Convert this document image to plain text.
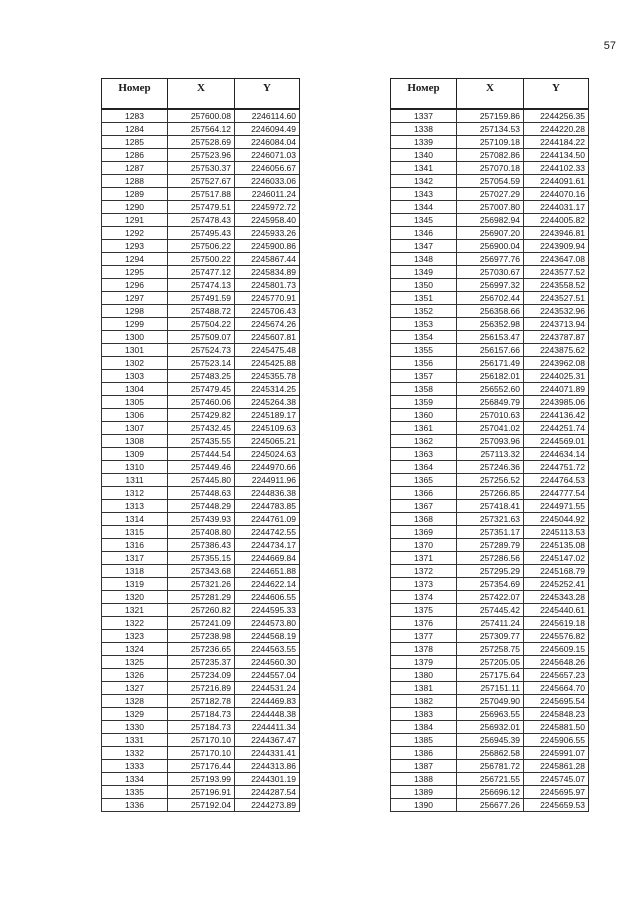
57
Номер	X	Y
1283	257600.08	2246114.60
1284	257564.12	2246094.49
1285	257528.69	2246084.04
1286	257523.96	2246071.03
1287	257530.37	2246056.67
1288	257527.67	2246033.06
1289	257517.88	2246011.24
1290	257479.51	2245972.72
1291	257478.43	2245958.40
1292	257495.43	2245933.26
1293	257506.22	2245900.86
1294	257500.22	2245867.44
1295	257477.12	2245834.89
1296	257474.13	2245801.73
1297	257491.59	2245770.91
1298	257488.72	2245706.43
1299	257504.22	2245674.26
1300	257509.07	2245607.81
1301	257524.73	2245475.48
1302	257523.14	2245425.88
1303	257483.25	2245355.78
1304	257479.45	2245314.25
1305	257460.06	2245264.38
1306	257429.82	2245189.17
1307	257432.45	2245109.63
1308	257435.55	2245065.21
1309	257444.54	2245024.63
1310	257449.46	2244970.66
1311	257445.80	2244911.96
1312	257448.63	2244836.38
1313	257448.29	2244783.85
1314	257439.93	2244761.09
1315	257408.80	2244742.55
1316	257386.43	2244734.17
1317	257355.15	2244669.84
1318	257343.68	2244651.88
1319	257321.26	2244622.14
1320	257281.29	2244606.55
1321	257260.82	2244595.33
1322	257241.09	2244573.80
1323	257238.98	2244568.19
1324	257236.65	2244563.55
1325	257235.37	2244560.30
1326	257234.09	2244557.04
1327	257216.89	2244531.24
1328	257182.78	2244469.83
1329	257184.73	2244448.38
1330	257184.73	2244411.34
1331	257170.10	2244367.47
1332	257170.10	2244331.41
1333	257176.44	2244313.86
1334	257193.99	2244301.19
1335	257196.91	2244287.54
1336	257192.04	2244273.89
Номер	X	Y
1337	257159.86	2244256.35
1338	257134.53	2244220.28
1339	257109.18	2244184.22
1340	257082.86	2244134.50
1341	257070.18	2244102.33
1342	257054.59	2244091.61
1343	257027.29	2244070.16
1344	257007.80	2244031.17
1345	256982.94	2244005.82
1346	256907.20	2243946.81
1347	256900.04	2243909.94
1348	256977.76	2243647.08
1349	257030.67	2243577.52
1350	256997.32	2243558.52
1351	256702.44	2243527.51
1352	256358.66	2243532.96
1353	256352.98	2243713.94
1354	256153.47	2243787.87
1355	256157.66	2243875.62
1356	256171.49	2243962.08
1357	256182.01	2244025.31
1358	256552.60	2244071.89
1359	256849.79	2243985.06
1360	257010.63	2244136.42
1361	257041.02	2244251.74
1362	257093.96	2244569.01
1363	257113.32	2244634.14
1364	257246.36	2244751.72
1365	257256.52	2244764.53
1366	257266.85	2244777.54
1367	257418.41	2244971.55
1368	257321.63	2245044.92
1369	257351.17	2245113.53
1370	257289.79	2245135.08
1371	257286.56	2245147.02
1372	257295.29	2245168.79
1373	257354.69	2245252.41
1374	257422.07	2245343.28
1375	257445.42	2245440.61
1376	257411.24	2245619.18
1377	257309.77	2245576.82
1378	257258.75	2245609.15
1379	257205.05	2245648.26
1380	257175.64	2245657.23
1381	257151.11	2245664.70
1382	257049.90	2245695.54
1383	256963.55	2245848.23
1384	256932.01	2245881.50
1385	256945.39	2245906.55
1386	256862.58	2245991.07
1387	256781.72	2245861.28
1388	256721.55	2245745.07
1389	256696.12	2245695.97
1390	256677.26	2245659.53
